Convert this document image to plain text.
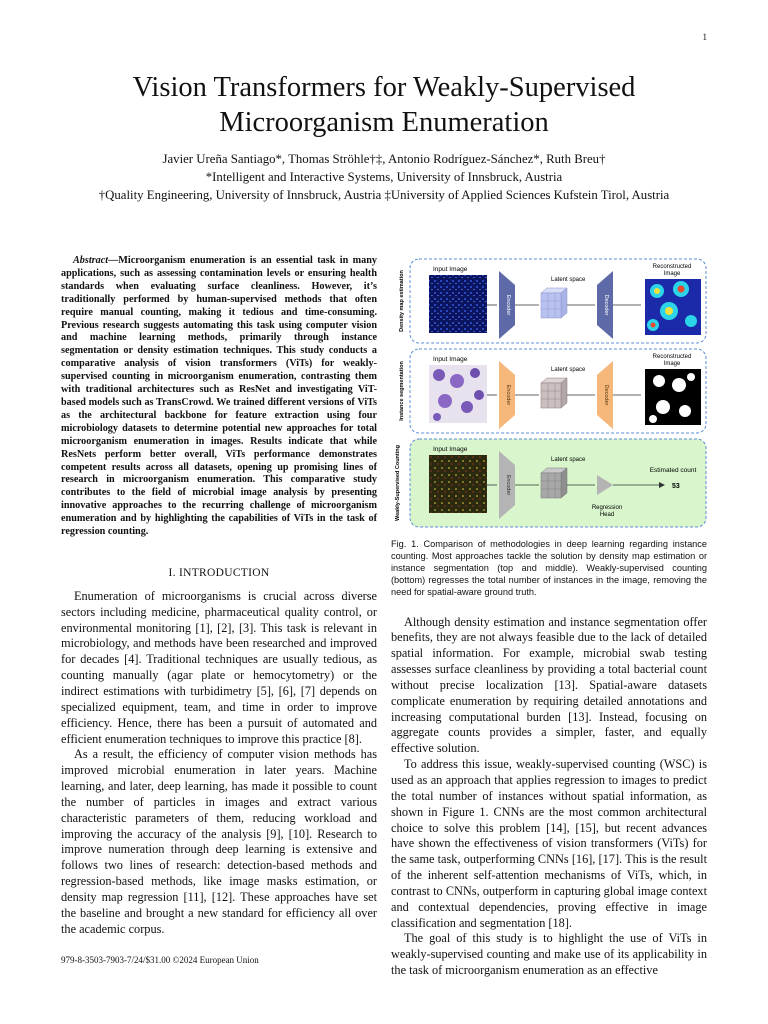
1
Vision Transformers for Weakly-Supervised
Microorganism Enumeration
Javier Ureña Santiago*, Thomas Ströhle†‡, Antonio Rodríguez-Sánchez*, Ruth Breu†
*Intelligent and Interactive Systems, University of Innsbruck, Austria
†Quality Engineering, University of Innsbruck, Austria ‡University of Applied Sciences Kufstein Tirol, Austria

Abstract—Microorganism enumeration is an essential task in many applications, such as assessing contamination levels or ensuring health standards when evaluating surface cleanliness. However, it’s traditionally performed by human-supervised methods that often require manual counting, making it tedious and time-consuming. Previous research suggests automating this task using computer vision and machine learning methods, primarily through instance segmentation or density estimation techniques. This study conducts a comparative analysis of vision transformers (ViTs) for weakly-supervised counting in microorganism enumeration, contrasting them with traditional architectures such as ResNet and investigating ViT-based models such as TransCrowd. We trained different versions of ViTs as the architectural backbone for feature extraction using four microbiology datasets to determine potential new approaches for total microorganism enumeration in images. Results indicate that while ResNets perform better overall, ViTs performance demonstrates competent results across all datasets, opening up promising lines of research in microorganism enumeration. This comparative study contributes to the field of microbial image analysis by presenting innovative approaches to the recurring challenge of microorganism enumeration and by highlighting the capabilities of ViTs in the task of regression counting.

I. INTRODUCTION

Enumeration of microorganisms is crucial across diverse sectors including medicine, pharmaceutical quality control, or environmental monitoring [1], [2], [3]. This task is relevant in microbiology, and methods have been researched and improved for decades [4]. Traditional techniques are usually tedious, as counting manually (agar plate or hemocytometry) or the indirect estimations with turbidimetry [5], [6], [7] depends on specialized equipment, team, and time in order to improve efficiency. Hence, there has been a pursuit of automated and efficient enumeration techniques to improve this practice [8].

As a result, the efficiency of computer vision methods has improved microbial enumeration in later years. Machine learning, and later, deep learning, has made it possible to count the number of particles in images and extract various characteristic parameters of them, reducing workload and improving the accuracy of the analysis [9], [10]. Research to improve numeration through deep learning is extensive and follows two lines of research: detection-based methods and regression-based methods, like image masks estimation, or density map regression [11], [12]. These approaches have set the baseline and brought a new standard for efficiency all over the academic corpus.

979-8-3503-7903-7/24/$31.00 ©2024 European Union
Density map estimation
Input Image
Encoder
Latent space
Decoder
Reconstructed
Image
Instance segmentation
Input Image
Encoder
Latent space
Decoder
Reconstructed
Image
Weakly-Supervised Counting	Input Image
Encoder
Latent space
Regression
Head
Estimated count
53

Fig. 1. Comparison of methodologies in deep learning regarding instance counting. Most approaches tackle the solution by density map estimation or instance segmentation (top and middle). Weakly-supervised counting (bottom) regresses the total number of instances in the image, removing the need for spatial-aware ground truth.

Although density estimation and instance segmentation offer benefits, they are not always feasible due to the lack of detailed spatial information. For example, microbial swab testing assesses surface cleanliness by providing a total bacterial count without precise localization [13]. Spatial-aware datasets complicate enumeration by requiring detailed annotations and increasing computational burden [13]. Instead, focusing on aggregate counts provides a simpler, faster, and equally effective solution.

To address this issue, weakly-supervised counting (WSC) is used as an approach that applies regression to images to predict the total number of instances without spatial information, as shown in Figure 1. CNNs are the most common architectural choice to solve this problem [14], [15], but recent advances have shown the effectiveness of vision transformers (ViTs) for the same task, outperforming CNNs [16], [17]. This is the result of the inherent self-attention mechanisms of ViTs, which, in contrast to CNNs, outperform in capturing global image context and contextual dependencies, proving effective in image classification and segmentation [18].

The goal of this study is to highlight the use of ViTs in weakly-supervised counting and make use of its applicability in the task of microorganism enumeration as an effective
